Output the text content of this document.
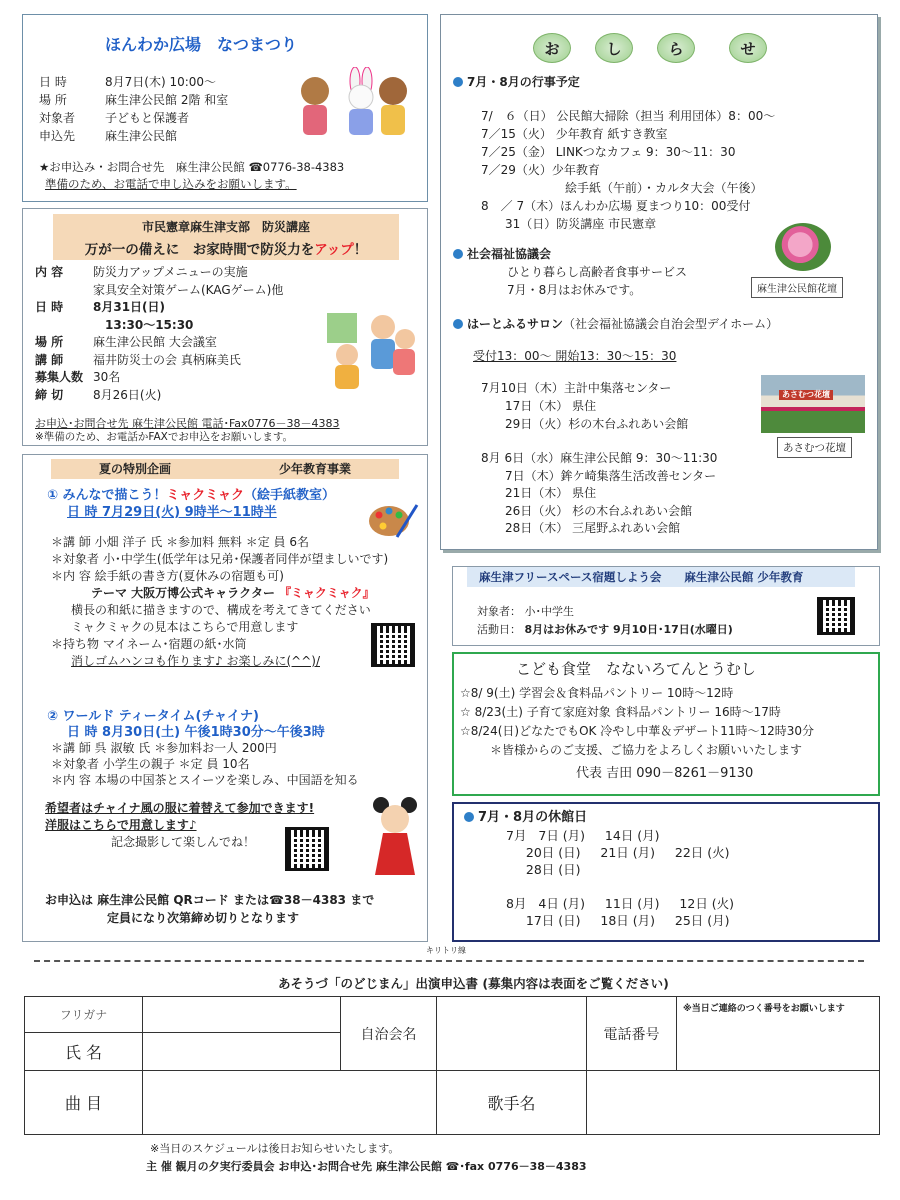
ほんわか広場　なつまつり
日 時	8月7日(木) 10:00～
場 所	麻生津公民館 2階 和室
対象者 子どもと保護者
申込先 麻生津公民館
★お申込み・お問合せ先　麻生津公民館 ☎0776-38-4383
準備のため、お電話で申し込みをお願いします。
市民憲章麻生津支部　防災講座
万が一の備えに　お家時間で防災力をアップ！
内 容 防災力アップメニューの実施
家具安全対策ゲーム(KAGゲーム)他
日 時 8月31日(日)
13:30～15:30
場 所 麻生津公民館 大会議室
講 師 福井防災士の会 真柄麻美氏
募集人数 30名
締 切 8月26日(火)
お申込･お問合せ先 麻生津公民館 電話･Fax0776－38－4383
※準備のため、お電話かFAXでお申込をお願いします。
夏の特別企画　　　　　　　　　少年教育事業
① みんなで描こう！ミャクミャク（絵手紙教室）
日 時 7月29日(火) 9時半～11時半
＊講 師 小畑 洋子 氏 ＊参加料 無料 ＊定 員 6名
＊対象者 小･中学生(低学年は兄弟･保護者同伴が望ましいです)
＊内 容 絵手紙の書き方(夏休みの宿題も可)
テーマ 大阪万博公式キャラクター 『ミャクミャク』
横長の和紙に描きますので、構成を考えてきてください
ミャクミャクの見本はこちらで用意します
＊持ち物 マイネーム･宿題の紙･水筒
消しゴムハンコも作ります♪ お楽しみに(^^)/
② ワールド ティータイム(チャイナ)
日 時 8月30日(土) 午後1時30分～午後3時
＊講 師 呉 淑敏 氏 ＊参加料お一人 200円
＊対象者 小学生の親子 ＊定 員 10名
＊内 容 本場の中国茶とスイーツを楽しみ、中国語を知る
希望者はチャイナ風の服に着替えて参加できます!
洋服はこちらで用意します♪
記念撮影して楽しんでね！
お申込は 麻生津公民館 QRコード または☎38－4383 まで
定員になり次第締め切りとなります
お	し	ら	せ
7月・8月の行事予定
7/　６（日） 公民館大掃除（担当 利用団体）8：00～
7／15（火） 少年教育 紙すき教室
7／25（金） LINKつなカフェ 9：30～11：30
7／29（火）少年教育
　　　　　　　絵手紙（午前）・カルタ大会（午後）
8　／ 7（木）ほんわか広場 夏まつり10：00受付
　　31（日）防災講座 市民憲章
社会福祉協議会
ひとり暮らし高齢者食事サービス
7月・8月はお休みです。	麻生津公民館花壇
はーとふるサロン（社会福祉協議会自治会型デイホーム）
受付13：00～ 開始13：30～15：30
7月10日（木）主計中集落センター
　　17日（木） 県住
　　29日（火）杉の木台ふれあい会館
8月 6日（水）麻生津公民館 9：30～11:30
　　7日（木）鉾ケ崎集落生活改善センター
　　21日（木） 県住
　　26日（火） 杉の木台ふれあい会館
　　28日（木） 三尾野ふれあい会館
あさむつ花壇
あさむつ花壇
麻生津フリースペース宿題しよう会　　麻生津公民館 少年教育
対象者： 小･中学生
活動日： 8月はお休みです 9月10日･17日(水曜日)
こども食堂　なないろてんとうむし
☆8/ 9(土) 学習会＆食料品パントリー 10時～12時
☆ 8/23(土) 子育て家庭対象 食料品パントリー 16時～17時
☆8/24(日)どなたでもOK 冷やし中華＆デザート11時～12時30分
＊皆様からのご支援、ご協力をよろしくお願いいたします
代表 吉田 090－8261－9130
7月・8月の休館日
7月   7日 (月)     14日 (月)
20日 (日)     21日 (月)     22日 (火)
28日 (日)
8月   4日 (月)     11日 (月)     12日 (火)
17日 (日)     18日 (月)     25日 (月)
キリトリ線
あそうづ「のどじまん」出演申込書 (募集内容は表面をご覧ください)
フリガナ		自治会名		電話番号	※当日ご連絡のつく番号をお願いします
氏 名					
曲 目			歌手名		
※当日のスケジュールは後日お知らせいたします。
主 催 観月の夕実行委員会 お申込･お問合せ先 麻生津公民館 ☎･fax 0776－38－4383
